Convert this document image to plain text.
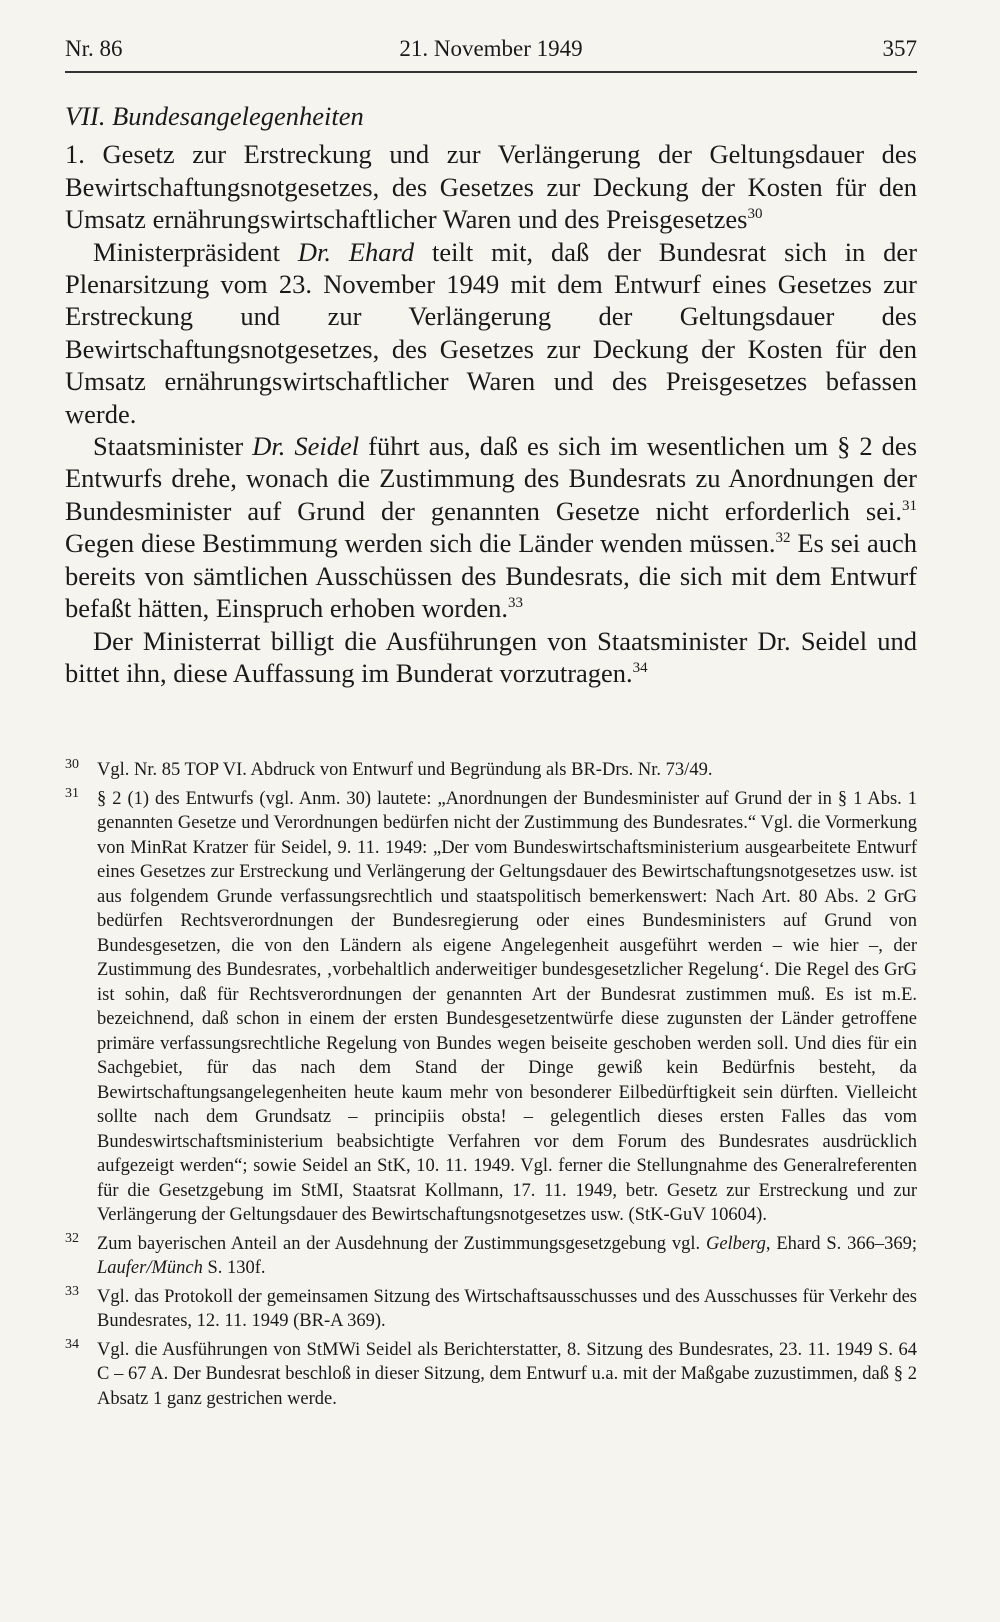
Nr. 86	21. November 1949	357

VII. Bundesangelegenheiten

1. Gesetz zur Erstreckung und zur Verlängerung der Geltungsdauer des Bewirtschaftungsnotgesetzes, des Gesetzes zur Deckung der Kosten für den Umsatz ernährungswirtschaftlicher Waren und des Preisgesetzes$^{30}$

Ministerpräsident Dr. Ehard teilt mit, daß der Bundesrat sich in der Plenarsitzung vom 23. November 1949 mit dem Entwurf eines Gesetzes zur Erstreckung und zur Verlängerung der Geltungsdauer des Bewirtschaftungsnotgesetzes, des Gesetzes zur Deckung der Kosten für den Umsatz ernährungswirtschaftlicher Waren und des Preisgesetzes befassen werde.

Staatsminister Dr. Seidel führt aus, daß es sich im wesentlichen um § 2 des Entwurfs drehe, wonach die Zustimmung des Bundesrats zu Anordnungen der Bundesminister auf Grund der genannten Gesetze nicht erforderlich sei.$^{31}$ Gegen diese Bestimmung werden sich die Länder wenden müssen.$^{32}$ Es sei auch bereits von sämtlichen Ausschüssen des Bundesrats, die sich mit dem Entwurf befaßt hätten, Einspruch erhoben worden.$^{33}$

Der Ministerrat billigt die Ausführungen von Staatsminister Dr. Seidel und bittet ihn, diese Auffassung im Bunderat vorzutragen.$^{34}$

30 Vgl. Nr. 85 TOP VI. Abdruck von Entwurf und Begründung als BR-Drs. Nr. 73/49.

31 § 2 (1) des Entwurfs (vgl. Anm. 30) lautete: „Anordnungen der Bundesminister auf Grund der in § 1 Abs. 1 genannten Gesetze und Verordnungen bedürfen nicht der Zustimmung des Bundesrates.“ Vgl. die Vormerkung von MinRat Kratzer für Seidel, 9. 11. 1949: „Der vom Bundeswirtschaftsministerium ausgearbeitete Entwurf eines Gesetzes zur Erstreckung und Verlängerung der Geltungsdauer des Bewirtschaftungsnotgesetzes usw. ist aus folgendem Grunde verfassungsrechtlich und staatspolitisch bemerkenswert: Nach Art. 80 Abs. 2 GrG bedürfen Rechtsverordnungen der Bundesregierung oder eines Bundesministers auf Grund von Bundesgesetzen, die von den Ländern als eigene Angelegenheit ausgeführt werden – wie hier –, der Zustimmung des Bundesrates, ‚vorbehaltlich anderweitiger bundesgesetzlicher Regelung‘. Die Regel des GrG ist sohin, daß für Rechtsverordnungen der genannten Art der Bundesrat zustimmen muß. Es ist m.E. bezeichnend, daß schon in einem der ersten Bundesgesetzentwürfe diese zugunsten der Länder getroffene primäre verfassungsrechtliche Regelung von Bundes wegen beiseite geschoben werden soll. Und dies für ein Sachgebiet, für das nach dem Stand der Dinge gewiß kein Bedürfnis besteht, da Bewirtschaftungsangelegenheiten heute kaum mehr von besonderer Eilbedürftigkeit sein dürften. Vielleicht sollte nach dem Grundsatz – principiis obsta! – gelegentlich dieses ersten Falles das vom Bundeswirtschaftsministerium beabsichtigte Verfahren vor dem Forum des Bundesrates ausdrücklich aufgezeigt werden“; sowie Seidel an StK, 10. 11. 1949. Vgl. ferner die Stellungnahme des Generalreferenten für die Gesetzgebung im StMI, Staatsrat Kollmann, 17. 11. 1949, betr. Gesetz zur Erstreckung und zur Verlängerung der Geltungsdauer des Bewirtschaftungsnotgesetzes usw. (StK-GuV 10604).

32 Zum bayerischen Anteil an der Ausdehnung der Zustimmungsgesetzgebung vgl. Gelberg, Ehard S. 366–369; Laufer/Münch S. 130f.

33 Vgl. das Protokoll der gemeinsamen Sitzung des Wirtschaftsausschusses und des Ausschusses für Verkehr des Bundesrates, 12. 11. 1949 (BR-A 369).

34 Vgl. die Ausführungen von StMWi Seidel als Berichterstatter, 8. Sitzung des Bundesrates, 23. 11. 1949 S. 64 C – 67 A. Der Bundesrat beschloß in dieser Sitzung, dem Entwurf u.a. mit der Maßgabe zuzustimmen, daß § 2 Absatz 1 ganz gestrichen werde.
